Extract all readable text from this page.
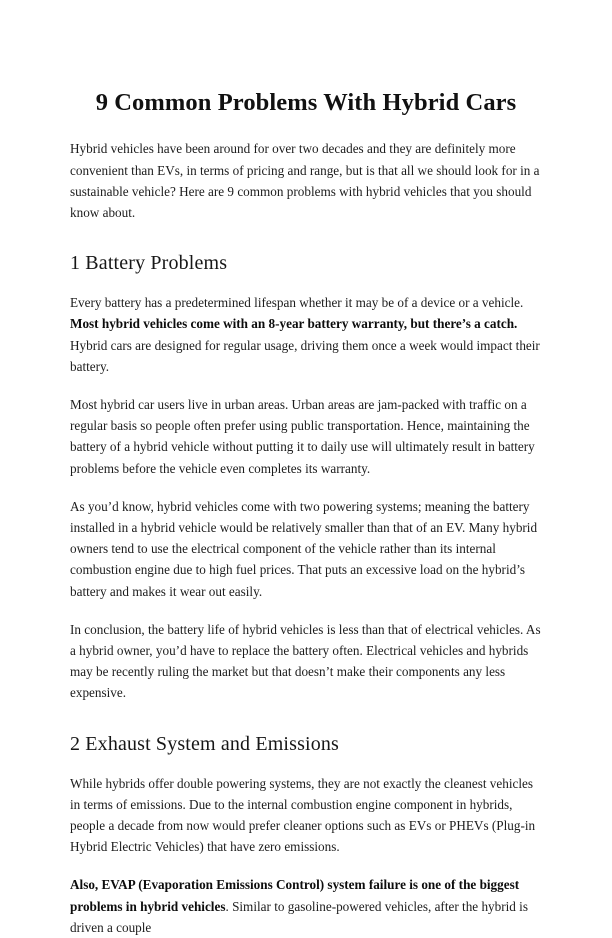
9 Common Problems With Hybrid Cars

Hybrid vehicles have been around for over two decades and they are definitely more convenient than EVs, in terms of pricing and range, but is that all we should look for in a sustainable vehicle? Here are 9 common problems with hybrid vehicles that you should know about.

1 Battery Problems

Every battery has a predetermined lifespan whether it may be of a device or a vehicle. Most hybrid vehicles come with an 8-year battery warranty, but there’s a catch. Hybrid cars are designed for regular usage, driving them once a week would impact their battery.

Most hybrid car users live in urban areas. Urban areas are jam-packed with traffic on a regular basis so people often prefer using public transportation. Hence, maintaining the battery of a hybrid vehicle without putting it to daily use will ultimately result in battery problems before the vehicle even completes its warranty.

As you’d know, hybrid vehicles come with two powering systems; meaning the battery installed in a hybrid vehicle would be relatively smaller than that of an EV. Many hybrid owners tend to use the electrical component of the vehicle rather than its internal combustion engine due to high fuel prices. That puts an excessive load on the hybrid’s battery and makes it wear out easily.

In conclusion, the battery life of hybrid vehicles is less than that of electrical vehicles. As a hybrid owner, you’d have to replace the battery often. Electrical vehicles and hybrids may be recently ruling the market but that doesn’t make their components any less expensive.

2 Exhaust System and Emissions

While hybrids offer double powering systems, they are not exactly the cleanest vehicles in terms of emissions. Due to the internal combustion engine component in hybrids, people a decade from now would prefer cleaner options such as EVs or PHEVs (Plug-in Hybrid Electric Vehicles) that have zero emissions.

Also, EVAP (Evaporation Emissions Control) system failure is one of the biggest problems in hybrid vehicles. Similar to gasoline-powered vehicles, after the hybrid is driven a couple
